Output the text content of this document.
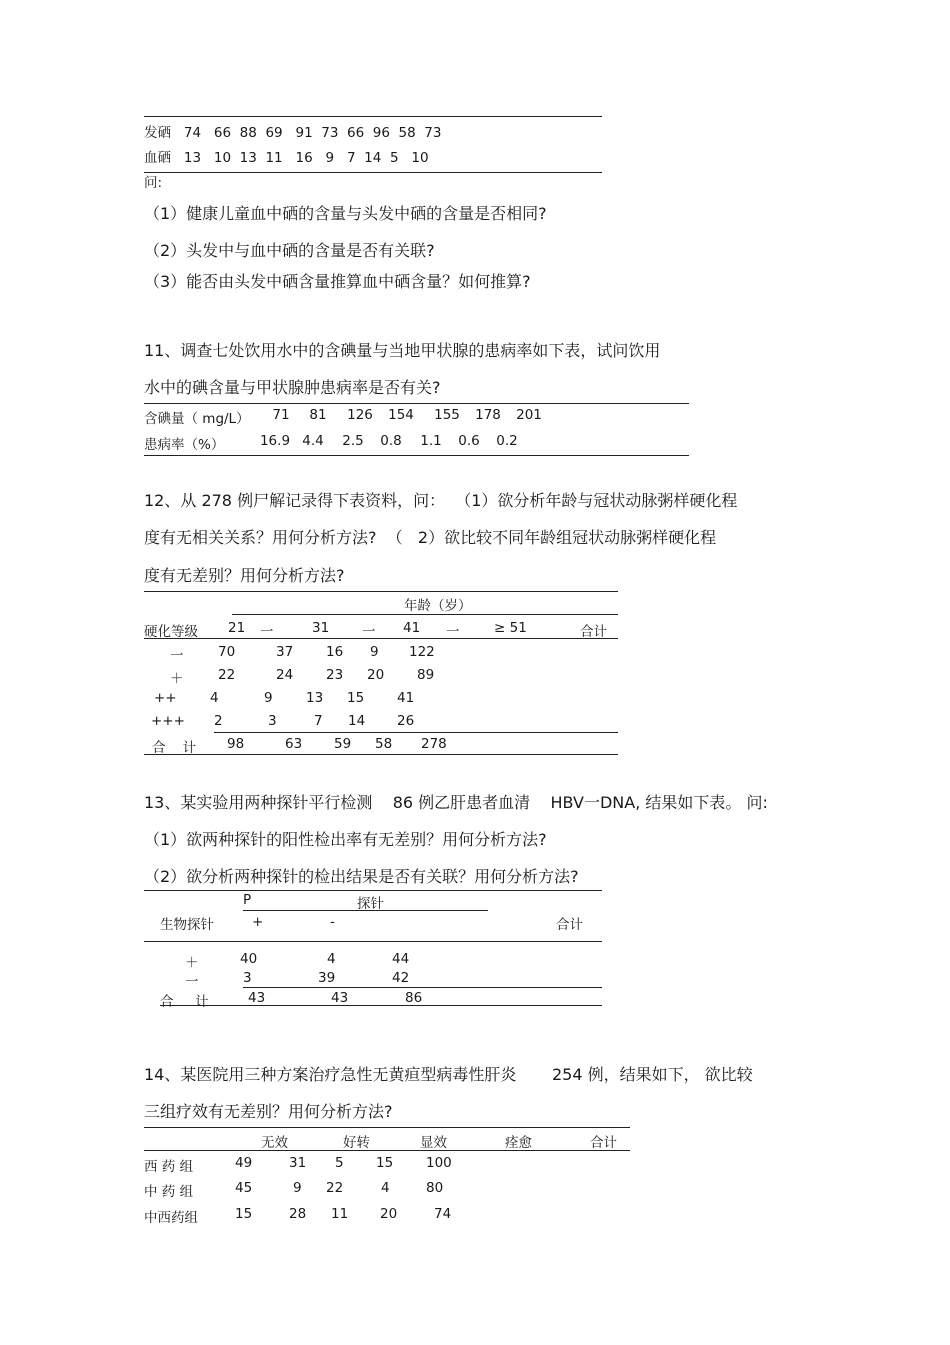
发硒   74   66  88  69   91  73  66  96  58  73
血硒   13   10  13  11   16   9   7  14  5   10
问:
（1）健康儿童血中硒的含量与头发中硒的含量是否相同?
（2）头发中与血中硒的含量是否有关联?
（3）能否由头发中硒含量推算血中硒含量？如何推算?
11、调查七处饮用水中的含碘量与当地甲状腺的患病率如下表，试问饮用
水中的碘含量与甲状腺肿患病率是否有关?
含碘量（ mg/L）	71	81	126 154 155 178 201
患病率（%）	16.9 4.4	2.5	0.8	1.1	0.6	0.2
12、从 278 例尸解记录得下表资料，问：  （1）欲分析年龄与冠状动脉粥样硬化程
度有无相关关系？用何分析方法?  （   2）欲比较不同年龄组冠状动脉粥样硬化程
度有无差别？用何分析方法?
年龄（岁）
硬化等级 21 一	31 一 41 一	≥ 51	合计
一	70	37 16 9 122
＋	22	24 23 20 89
++ 4	9 13 15 41
+++ 2	3	7 14 26
合    计 98	63 59 58 278
13、某实验用两种探针平行检测    86 例乙肝患者血清    HBV一DNA, 结果如下表。 问:
（1）欲两种探针的阳性检出率有无差别？用何分析方法?
（2）欲分析两种探针的检出结果是否有关联？用何分析方法?
P	探针
生物探针	+	-	合计
＋	40	4	44
一	3	39	42
合     计	43	43	86
14、某医院用三种方案治疗急性无黄疸型病毒性肝炎       254 例，结果如下， 欲比较
三组疗效有无差别？用何分析方法?
无效	好转	显效	痊愈	合计
西 药 组	49	31 5 15 100
中 药 组	45	9 22	4	80
中西药组	15	28 11 20	74
